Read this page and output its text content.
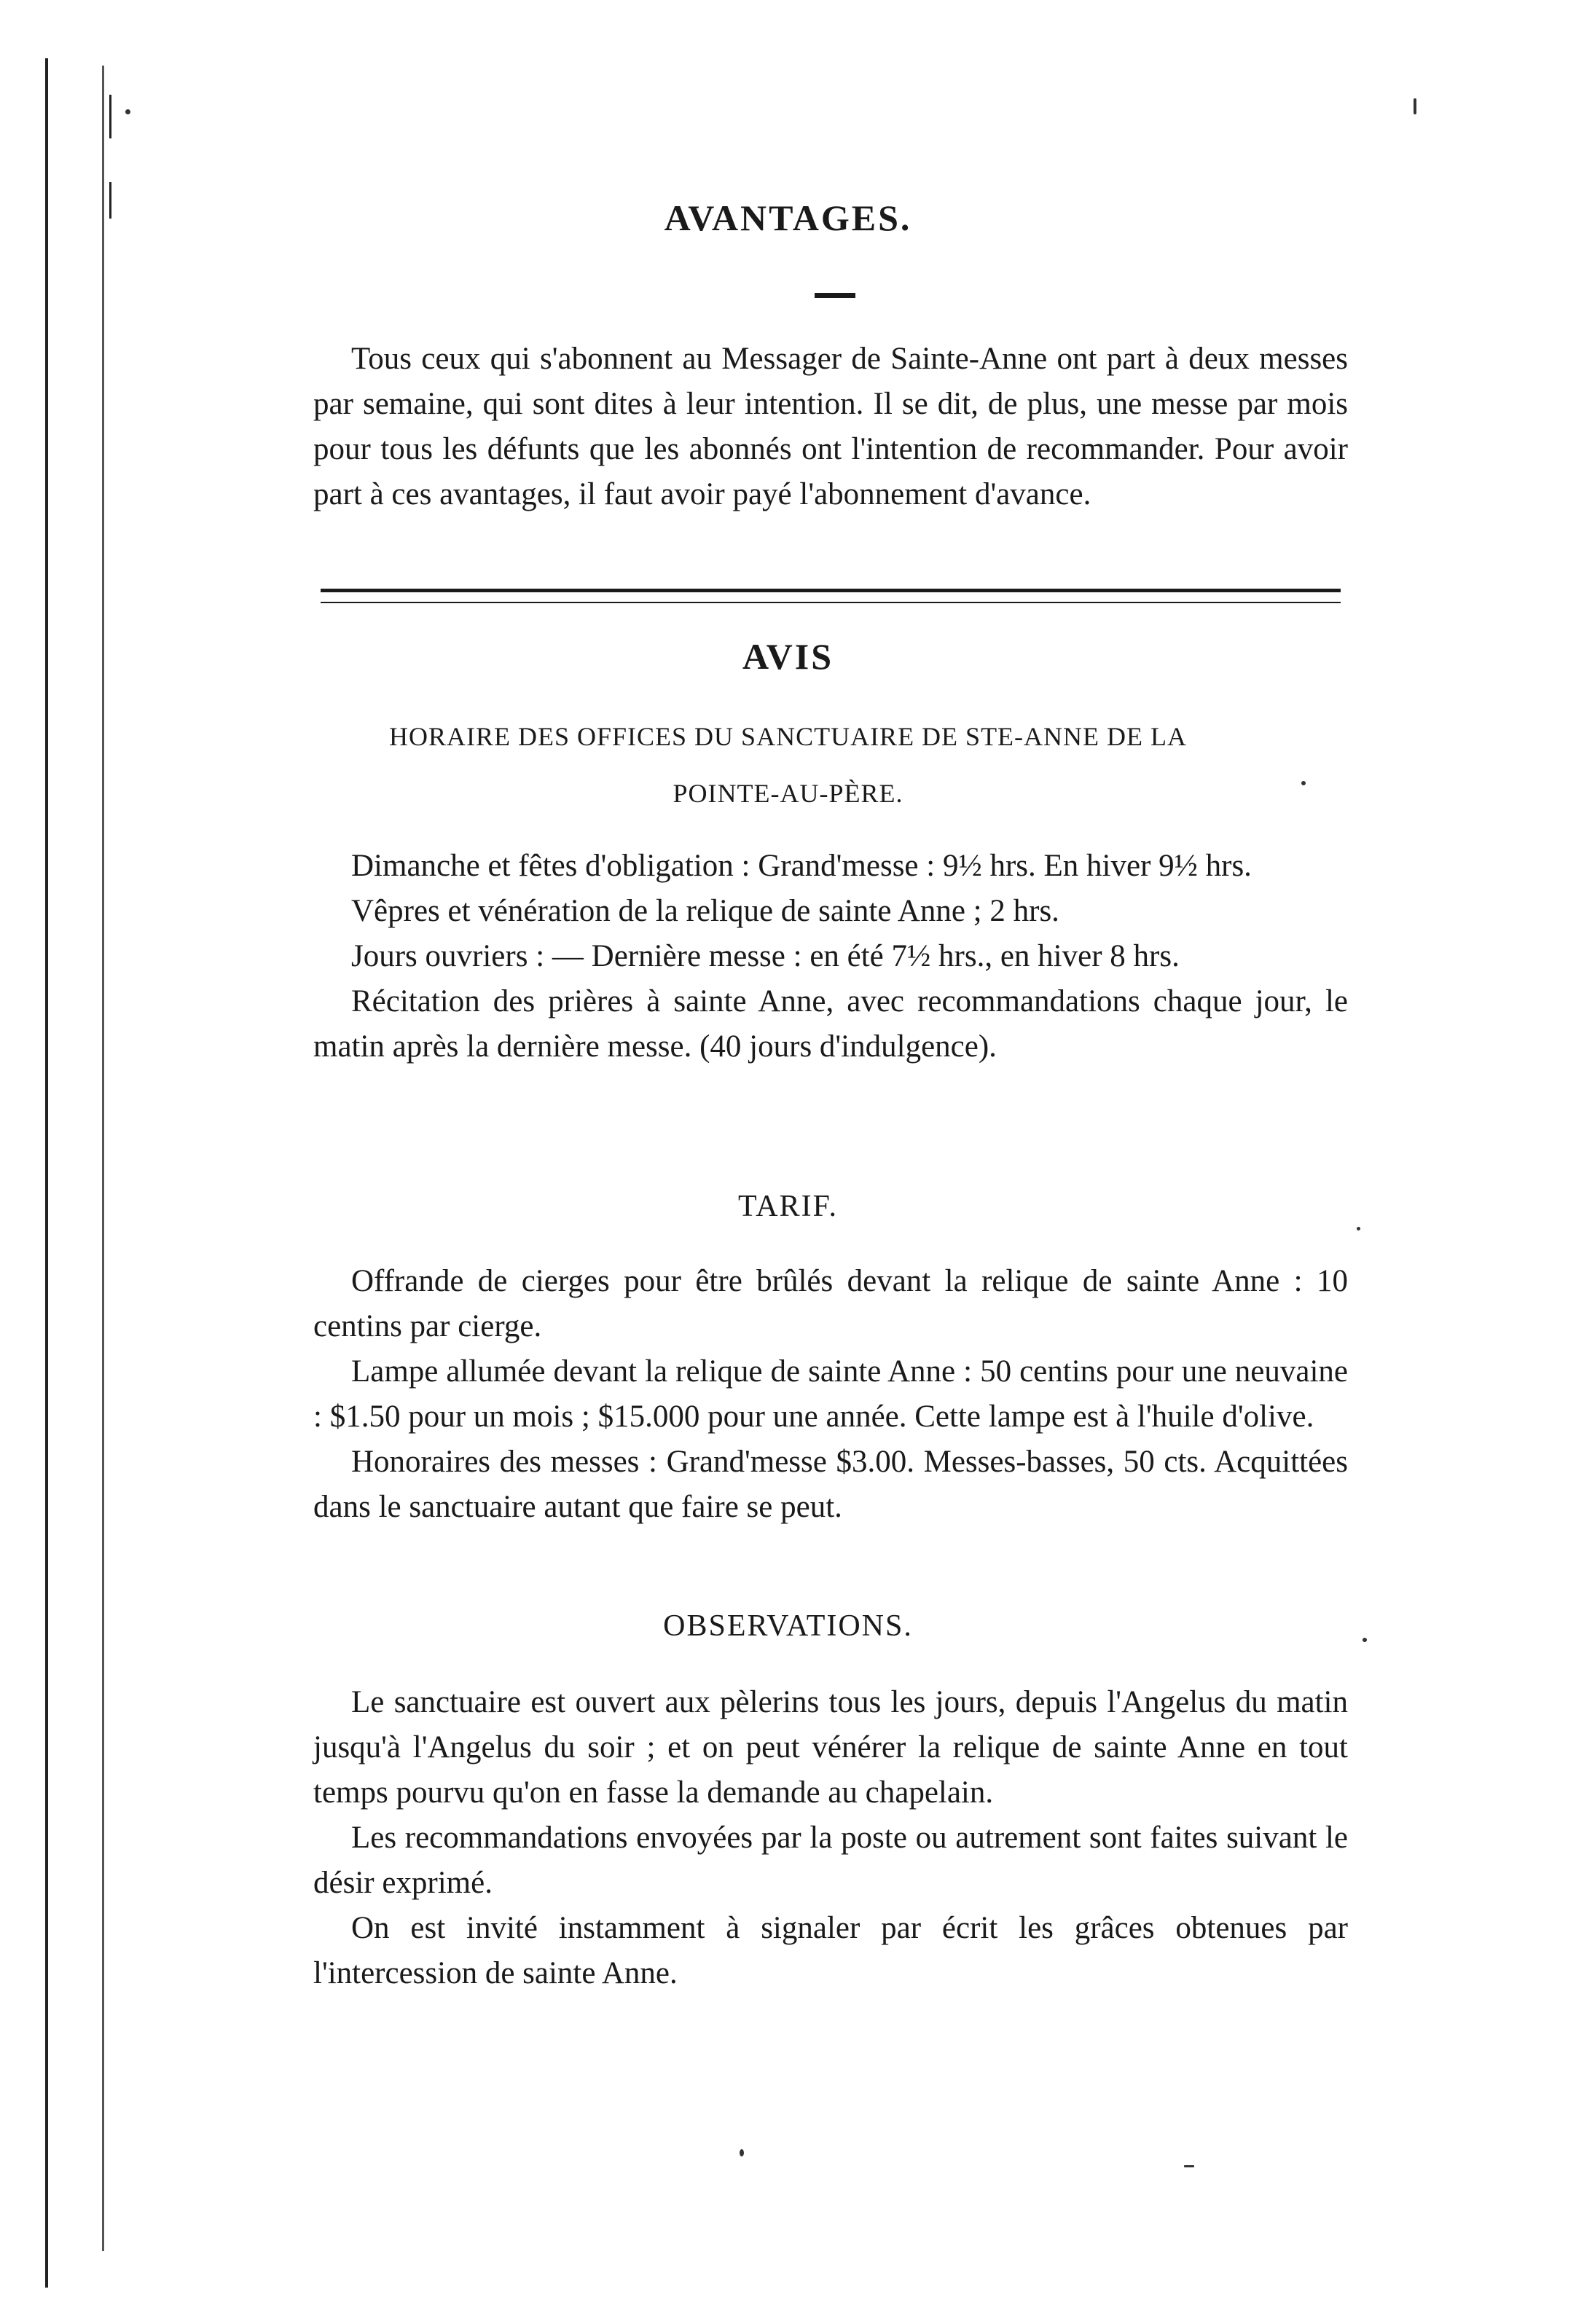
AVANTAGES.

Tous ceux qui s'abonnent au Messager de Sainte-Anne ont part à deux messes par semaine, qui sont dites à leur intention. Il se dit, de plus, une messe par mois pour tous les défunts que les abonnés ont l'intention de recommander. Pour avoir part à ces avantages, il faut avoir payé l'abonnement d'avance.

AVIS
HORAIRE DES OFFICES DU SANCTUAIRE DE STE-ANNE DE LA
POINTE-AU-PÈRE.

Dimanche et fêtes d'obligation : Grand'messe : 9½ hrs. En hiver 9½ hrs.

Vêpres et vénération de la relique de sainte Anne ; 2 hrs.

Jours ouvriers : — Dernière messe : en été 7½ hrs., en hiver 8 hrs.

Récitation des prières à sainte Anne, avec recommandations chaque jour, le matin après la dernière messe. (40 jours d'indulgence).

TARIF.

Offrande de cierges pour être brûlés devant la relique de sainte Anne : 10 centins par cierge.

Lampe allumée devant la relique de sainte Anne : 50 centins pour une neuvaine : $1.50 pour un mois ; $15.000 pour une année. Cette lampe est à l'huile d'olive.

Honoraires des messes : Grand'messe $3.00. Messes-basses, 50 cts. Acquittées dans le sanctuaire autant que faire se peut.

OBSERVATIONS.

Le sanctuaire est ouvert aux pèlerins tous les jours, depuis l'Angelus du matin jusqu'à l'Angelus du soir ; et on peut vénérer la relique de sainte Anne en tout temps pourvu qu'on en fasse la demande au chapelain.

Les recommandations envoyées par la poste ou autrement sont faites suivant le désir exprimé.

On est invité instamment à signaler par écrit les grâces obtenues par l'intercession de sainte Anne.
